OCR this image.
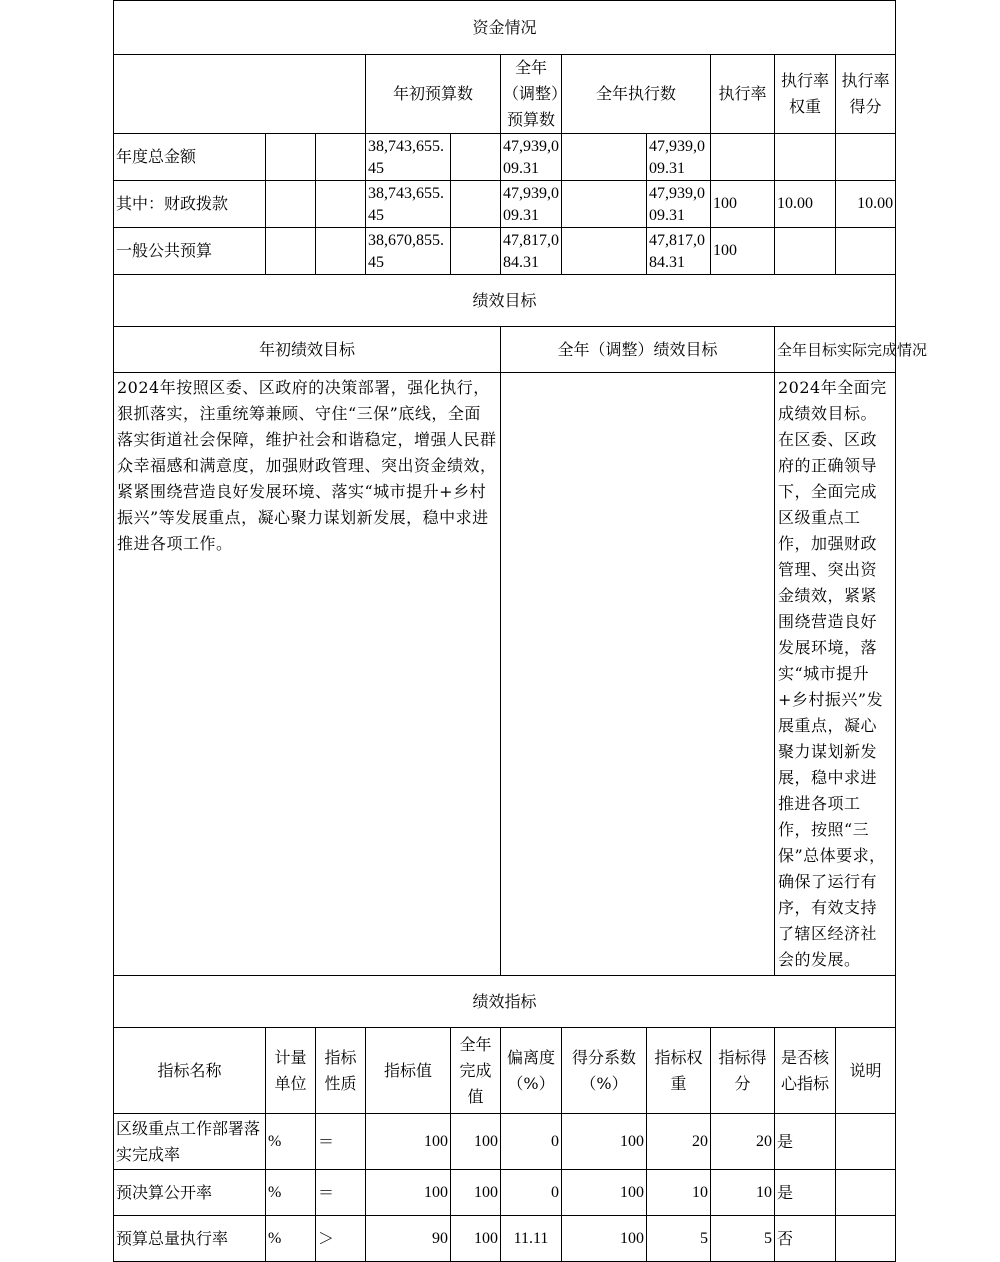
资金情况										
			年初预算数		全年（调整）预算数	全年执行数		执行率	执行率权重	执行率得分
年度总金额			38,743,655.45		47,939,009.31		47,939,009.31			
其中：财政拨款			38,743,655.45		47,939,009.31		47,939,009.31	100	10.00	10.00
一般公共预算			38,670,855.45		47,817,084.31		47,817,084.31	100		
绩效目标										
年初绩效目标					全年（调整）绩效目标				全年目标实际完成情况	
2024年按照区委、区政府的决策部署，强化执行，狠抓落实，注重统筹兼顾、守住“三保”底线，全面落实街道社会保障，维护社会和谐稳定，增强人民群众幸福感和满意度，加强财政管理、突出资金绩效，紧紧围绕营造良好发展环境、落实“城市提升+乡村振兴”等发展重点，凝心聚力谋划新发展，稳中求进推进各项工作。									2024年全面完成绩效目标。在区委、区政府的正确领导下，全面完成区级重点工作，加强财政管理、突出资金绩效，紧紧围绕营造良好发展环境，落实“城市提升+乡村振兴”发展重点，凝心聚力谋划新发展，稳中求进推进各项工作，按照“三保”总体要求，确保了运行有序，有效支持了辖区经济社会的发展。	
绩效指标										
指标名称	计量单位	指标性质	指标值	全年完成值	偏离度（%）	得分系数（%）	指标权重	指标得分	是否核心指标	说明
区级重点工作部署落实完成率	%	＝	100	100	0	100	20	20	是	
预决算公开率	%	＝	100	100	0	100	10	10	是	
预算总量执行率	%	＞	90	100	11.11	100	5	5	否	
